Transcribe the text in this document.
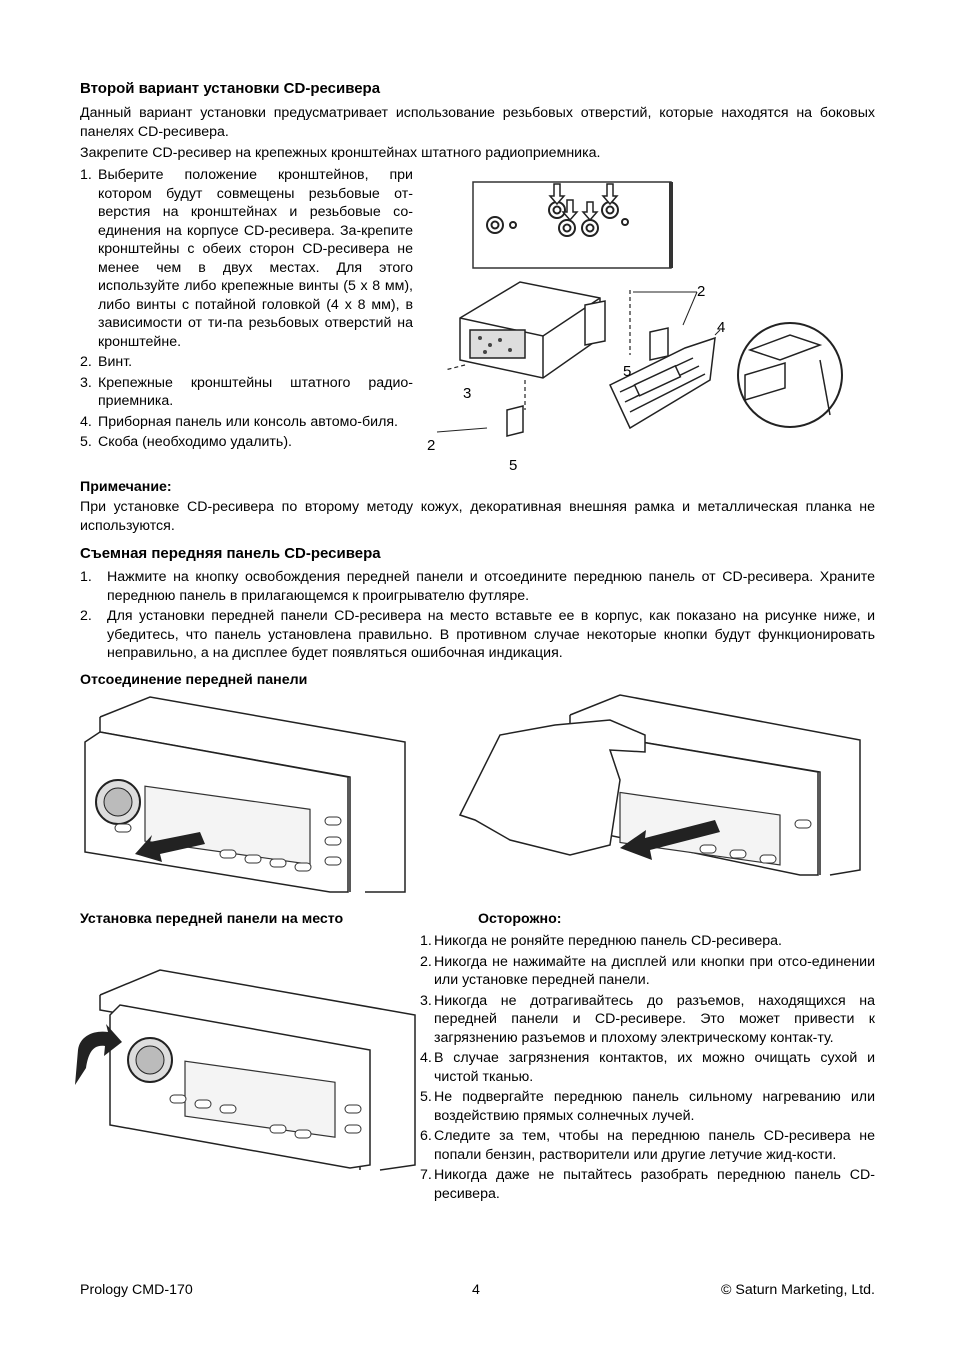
Второй вариант установки CD-ресивера
Данный вариант установки предусматривает использование резьбовых отверстий, которые находятся на боковых панелях CD-ресивера.
Закрепите CD-ресивер на крепежных кронштейнах штатного радиоприемника.
1. Выберите положение кронштейнов, при котором будут совмещены резьбовые от-верстия на кронштейнах и резьбовые со-единения на корпусе CD-ресивера. За-крепите кронштейны с обеих сторон CD-ресивера не менее чем в двух местах. Для этого используйте либо крепежные винты (5 x 8 мм), либо винты с потайной головкой (4 x 8 мм), в зависимости от ти-па резьбовых отверстий на кронштейне.
2. Винт.
3. Крепежные кронштейны штатного радио-приемника.
4. Приборная панель или консоль автомо-биля.
5. Скоба (необходимо удалить).
2
4
5
3
2
5
Примечание:
При установке CD-ресивера по второму методу кожух, декоративная внешняя рамка и металлическая планка не используются.
Съемная передняя панель CD-ресивера
1. Нажмите на кнопку освобождения передней панели и отсоедините переднюю панель от CD-ресивера. Храните переднюю панель в прилагающемся к проигрывателю футляре.
2. Для установки передней панели CD-ресивера на место вставьте ее в корпус, как показано на рисунке ниже, и убедитесь, что панель установлена правильно. В противном случае некоторые кнопки будут функционировать неправильно, а на дисплее будет появляться ошибочная индикация.
Отсоединение передней панели
Установка передней панели на место	Осторожно:
1. Никогда не роняйте переднюю панель CD-ресивера.
2. Никогда не нажимайте на дисплей или кнопки при отсо-единении или установке передней панели.
3. Никогда не дотрагивайтесь до разъемов, находящихся на передней панели и CD-ресивере. Это может привести к загрязнению разъемов и плохому электрическому контак-ту.
4. В случае загрязнения контактов, их можно очищать сухой и чистой тканью.
5. Не подвергайте переднюю панель сильному нагреванию или воздействию прямых солнечных лучей.
6. Следите за тем, чтобы на переднюю панель CD-ресивера не попали бензин, растворители или другие летучие жид-кости.
7. Никогда даже не пытайтесь разобрать переднюю панель CD-ресивера.
Prology CMD-170	4	© Saturn Marketing, Ltd.
